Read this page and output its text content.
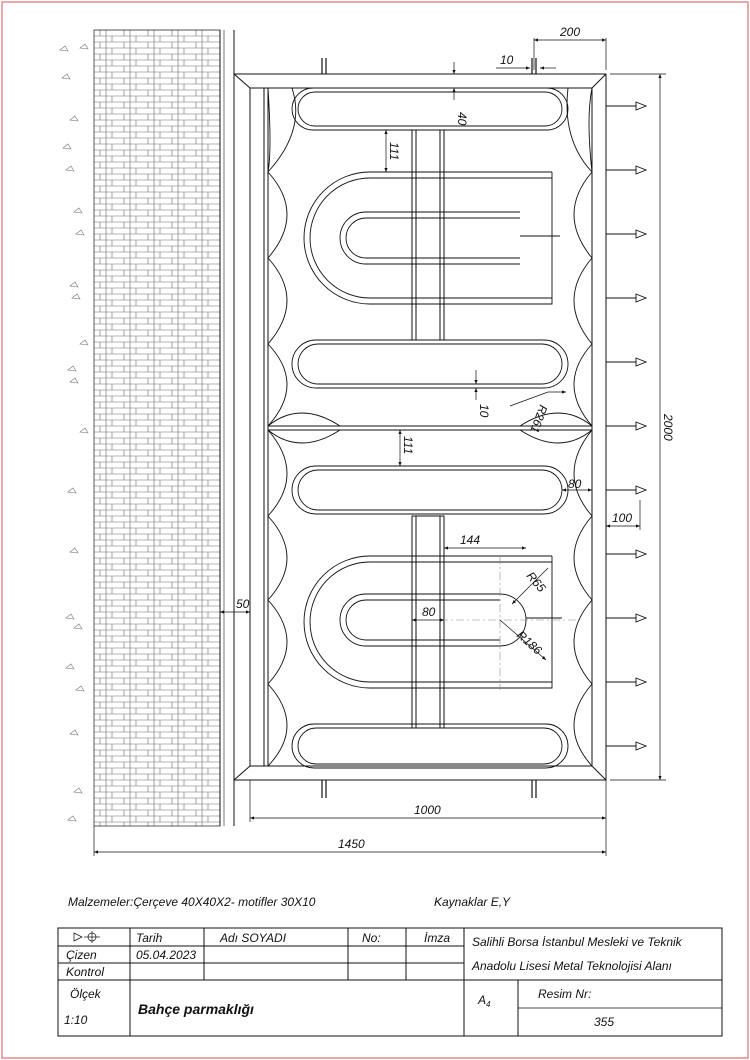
200
10
40
111
10	R261	2000
111
80
100
144
R65
80
R186
50
1000
1450
Malzemeler:Çerçeve 40X40X2- motifler 30X10	Kaynaklar E,Y
Tarih	Adı SOYADI	No:	İmza
Çizen	05.04.2023
Kontrol
Salihli Borsa İstanbul Mesleki ve Teknik
Anadolu Lisesi Metal Teknolojisi Alanı
Ölçek
1:10
Bahçe parmaklığı
$A_4$
Resim Nr:
355
